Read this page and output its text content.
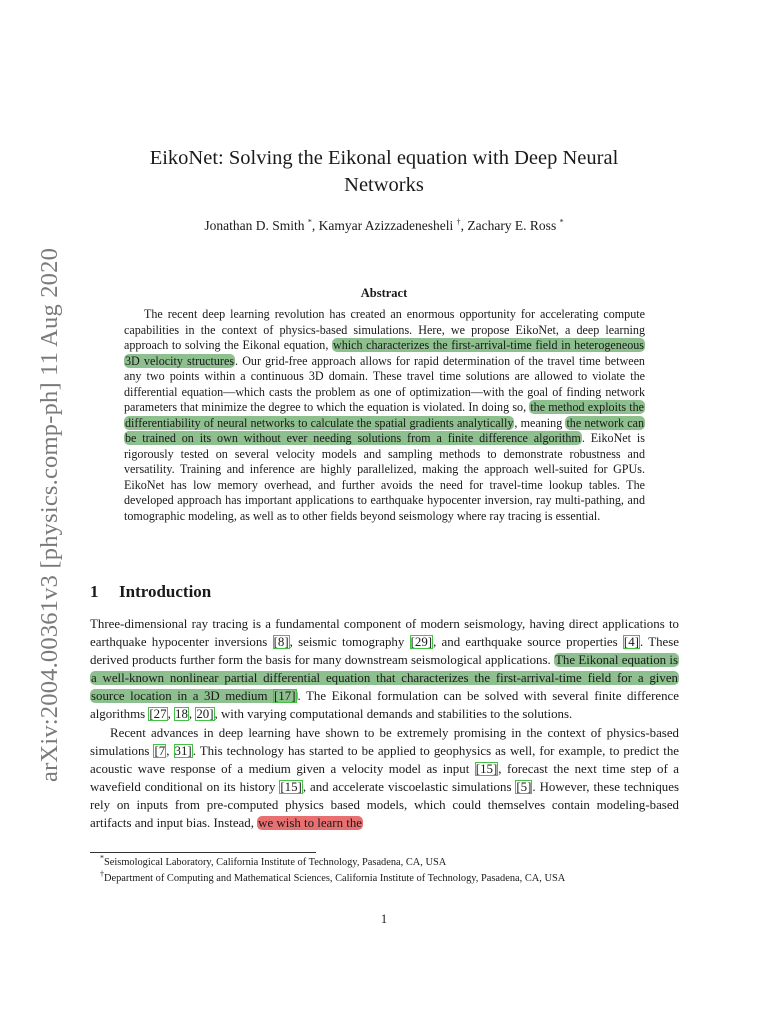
arXiv:2004.00361v3 [physics.comp-ph] 11 Aug 2020
EikoNet: Solving the Eikonal equation with Deep Neural
Networks
Jonathan D. Smith *, Kamyar Azizzadenesheli †, Zachary E. Ross *
Abstract

The recent deep learning revolution has created an enormous opportunity for accelerating compute capabilities in the context of physics-based simulations. Here, we propose EikoNet, a deep learning approach to solving the Eikonal equation, which characterizes the first-arrival-time field in heterogeneous 3D velocity structures. Our grid-free approach allows for rapid determination of the travel time between any two points within a continuous 3D domain. These travel time solutions are allowed to violate the differential equation—which casts the problem as one of optimization—with the goal of finding network parameters that minimize the degree to which the equation is violated. In doing so, the method exploits the differentiability of neural networks to calculate the spatial gradients analytically, meaning the network can be trained on its own without ever needing solutions from a finite difference algorithm. EikoNet is rigorously tested on several velocity models and sampling methods to demonstrate robustness and versatility. Training and inference are highly parallelized, making the approach well-suited for GPUs. EikoNet has low memory overhead, and further avoids the need for travel-time lookup tables. The developed approach has important applications to earthquake hypocenter inversion, ray multi-pathing, and tomographic modeling, as well as to other fields beyond seismology where ray tracing is essential.

1 Introduction

Three-dimensional ray tracing is a fundamental component of modern seismology, having direct applications to earthquake hypocenter inversions [8], seismic tomography [29], and earthquake source properties [4]. These derived products further form the basis for many downstream seismological applications. The Eikonal equation is a well-known nonlinear partial differential equation that characterizes the first-arrival-time field for a given source location in a 3D medium [17] . The Eikonal formulation can be solved with several finite difference algorithms [27, 18, 20], with varying computational demands and stabilities to the solutions.

Recent advances in deep learning have shown to be extremely promising in the context of physics-based simulations [7, 31]. This technology has started to be applied to geophysics as well, for example, to predict the acoustic wave response of a medium given a velocity model as input [15], forecast the next time step of a wavefield conditional on its history [15], and accelerate viscoelastic simulations [5]. However, these techniques rely on inputs from pre-computed physics based models, which could themselves contain modeling-based artifacts and input bias. Instead, we wish to learn the

*Seismological Laboratory, California Institute of Technology, Pasadena, CA, USA
†Department of Computing and Mathematical Sciences, California Institute of Technology, Pasadena, CA, USA
1
